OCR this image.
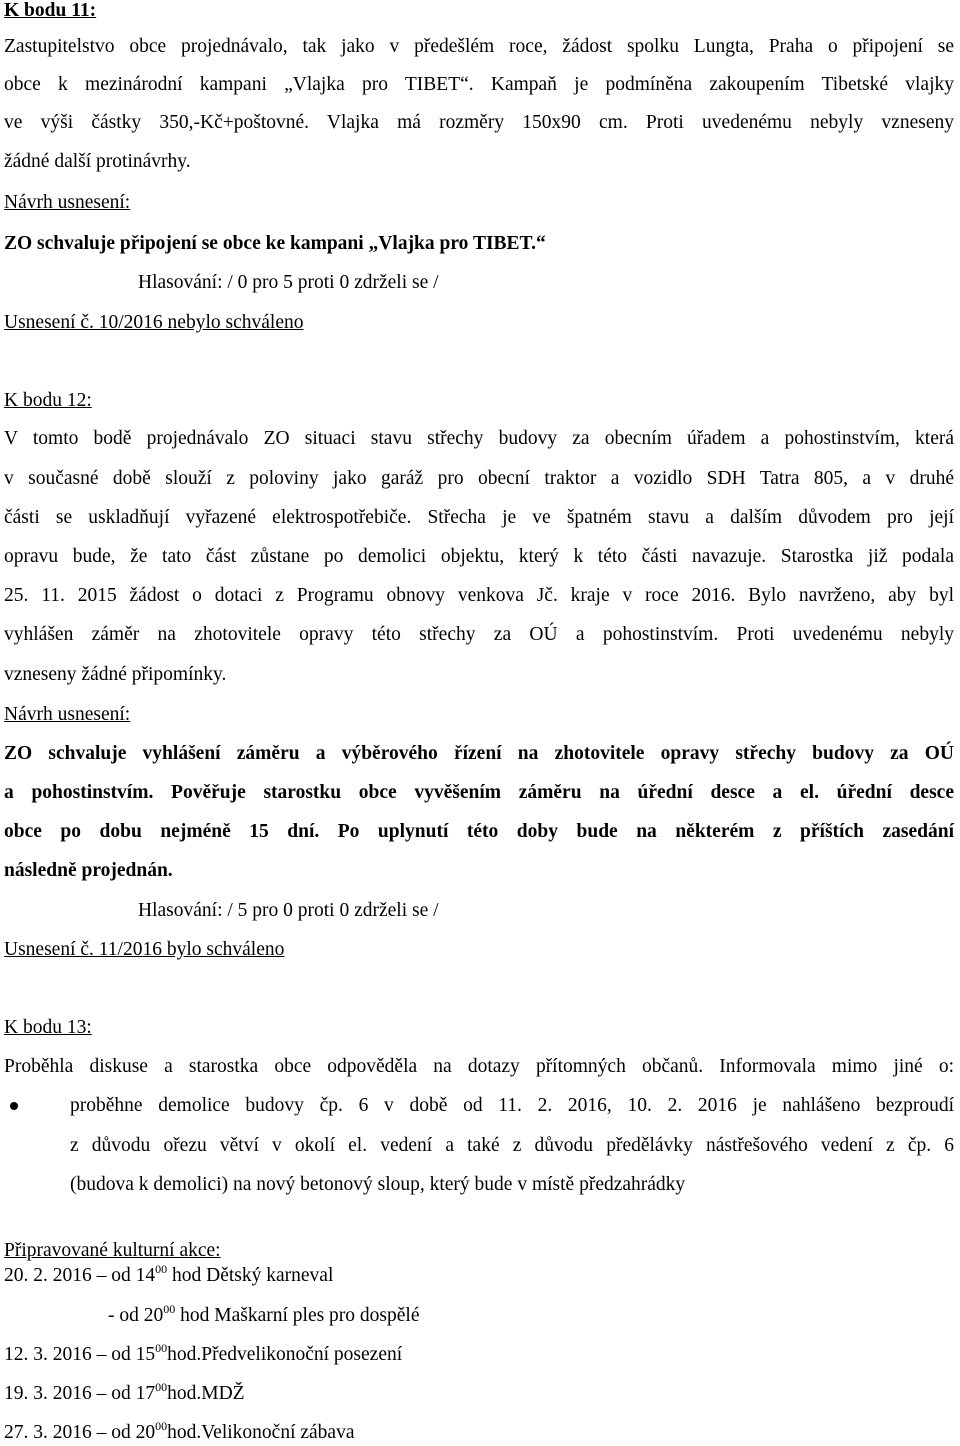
K bodu 11:
Zastupitelstvo obce projednávalo, tak jako v předešlém roce, žádost spolku Lungta, Praha o připojení se
obce k mezinárodní kampani „Vlajka pro TIBET“. Kampaň je podmíněna zakoupením Tibetské vlajky
ve výši částky 350,-Kč+poštovné. Vlajka má rozměry 150x90 cm. Proti uvedenému nebyly vzneseny
žádné další protinávrhy.
Návrh usnesení:
ZO schvaluje připojení se obce ke kampani „Vlajka pro TIBET.“
Hlasování: / 0 pro 5 proti 0 zdrželi se /
Usnesení č. 10/2016 nebylo schváleno
K bodu 12:
V tomto bodě projednávalo ZO situaci stavu střechy budovy za obecním úřadem a pohostinstvím, která
v současné době slouží z poloviny jako garáž pro obecní traktor a vozidlo SDH Tatra 805, a v druhé
části se uskladňují vyřazené elektrospotřebiče. Střecha je ve špatném stavu a dalším důvodem pro její
opravu bude, že tato část zůstane po demolici objektu, který k této části navazuje. Starostka již podala
25. 11. 2015 žádost o dotaci z Programu obnovy venkova Jč. kraje v roce 2016. Bylo navrženo, aby byl
vyhlášen záměr na zhotovitele opravy této střechy za OÚ a pohostinstvím. Proti uvedenému nebyly
vzneseny žádné připomínky.
Návrh usnesení:
ZO schvaluje vyhlášení záměru a výběrového řízení na zhotovitele opravy střechy budovy za OÚ
a pohostinstvím. Pověřuje starostku obce vyvěšením záměru na úřední desce a el. úřední desce
obce po dobu nejméně 15 dní. Po uplynutí této doby bude na některém z příštích zasedání
následně projednán.
Hlasování: / 5 pro 0 proti 0 zdrželi se /
Usnesení č. 11/2016 bylo schváleno
K bodu 13:
Proběhla diskuse a starostka obce odpověděla na dotazy přítomných občanů. Informovala mimo jiné o:
proběhne demolice budovy čp. 6 v době od 11. 2. 2016, 10. 2. 2016 je nahlášeno bezproudí
z důvodu ořezu větví v okolí el. vedení a také z důvodu předělávky nástřešového vedení z čp. 6
(budova k demolici) na nový betonový sloup, který bude v místě předzahrádky
Připravované kulturní akce:
20. 2. 2016 – od $14^{00}$ hod Dětský karneval
- od $20^{00}$ hod Maškarní ples pro dospělé
12. 3. 2016 – od $15^{00}hod.Předvelikonoční$ posezení
19. 3. 2016 – od $17^{00}hod.MDŽ$
27. 3. 2016 – od $20^{00}hod.Velikonoční$ zábava
